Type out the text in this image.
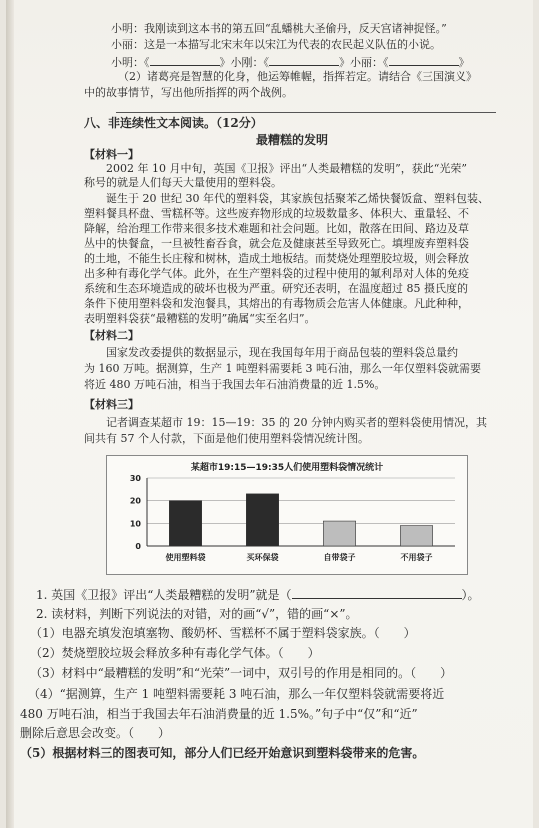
小明：我刚读到这本书的第五回“乱蟠桃大圣偷丹，反天宫诸神捉怪。”
小丽：这是一本描写北宋末年以宋江为代表的农民起义队伍的小说。
小明：《	》小刚：《	》小丽：《	》
（2）诸葛亮是智慧的化身，他运筹帷幄，指挥若定。请结合《三国演义》
中的故事情节，写出他所指挥的两个战例。
八、非连续性文本阅读。（12分）
最糟糕的发明
【材料一】
2002 年 10 月中旬，英国《卫报》评出“人类最糟糕的发明”，获此“光荣”
称号的就是人们每天大量使用的塑料袋。
诞生于 20 世纪 30 年代的塑料袋，其家族包括聚苯乙烯快餐饭盒、塑料包装、
塑料餐具杯盘、雪糕杯等。这些废弃物形成的垃圾数量多、体积大、重量轻、不
降解，给治理工作带来很多技术难题和社会问题。比如，散落在田间、路边及草
丛中的快餐盒，一旦被牲畜吞食，就会危及健康甚至导致死亡。填埋废弃塑料袋
的土地，不能生长庄稼和树林，造成土地板结。而焚烧处理塑胶垃圾，则会释放
出多种有毒化学气体。此外，在生产塑料袋的过程中使用的氟利昂对人体的免疫
系统和生态环境造成的破坏也极为严重。研究还表明，在温度超过 85 摄氏度的
条件下使用塑料袋和发泡餐具，其熔出的有毒物质会危害人体健康。凡此种种，
表明塑料袋获“最糟糕的发明”确属“实至名归”。
【材料二】
国家发改委提供的数据显示，现在我国每年用于商品包装的塑料袋总量约
为 160 万吨。据测算，生产 1 吨塑料需要耗 3 吨石油，那么一年仅塑料袋就需要
将近 480 万吨石油，相当于我国去年石油消费量的近 1.5%。
【材料三】
记者调查某超市 19：15—19：35 的 20 分钟内购买者的塑料袋使用情况，其
间共有 57 个人付款，下面是他们使用塑料袋情况统计图。
某超市19:15—19:35人们使用塑料袋情况统计
0
10
20
30
使用塑料袋	买环保袋	自带袋子	不用袋子
1. 英国《卫报》评出“人类最糟糕的发明”就是（	）。
2. 读材料，判断下列说法的对错，对的画“√”，错的画“×”。
（1）电器充填发泡填塞物、酸奶杯、雪糕杯不属于塑料袋家族。（　　）
（2）焚烧塑胶垃圾会释放多种有毒化学气体。（　　）
（3）材料中“最糟糕的发明”和“光荣”一词中，双引号的作用是相同的。（　　）
（4）“据测算，生产 1 吨塑料需要耗 3 吨石油，那么一年仅塑料袋就需要将近
480 万吨石油，相当于我国去年石油消费量的近 1.5%。”句子中“仅”和“近”
删除后意思会改变。（　　）
（5）根据材料三的图表可知，部分人们已经开始意识到塑料袋带来的危害。
